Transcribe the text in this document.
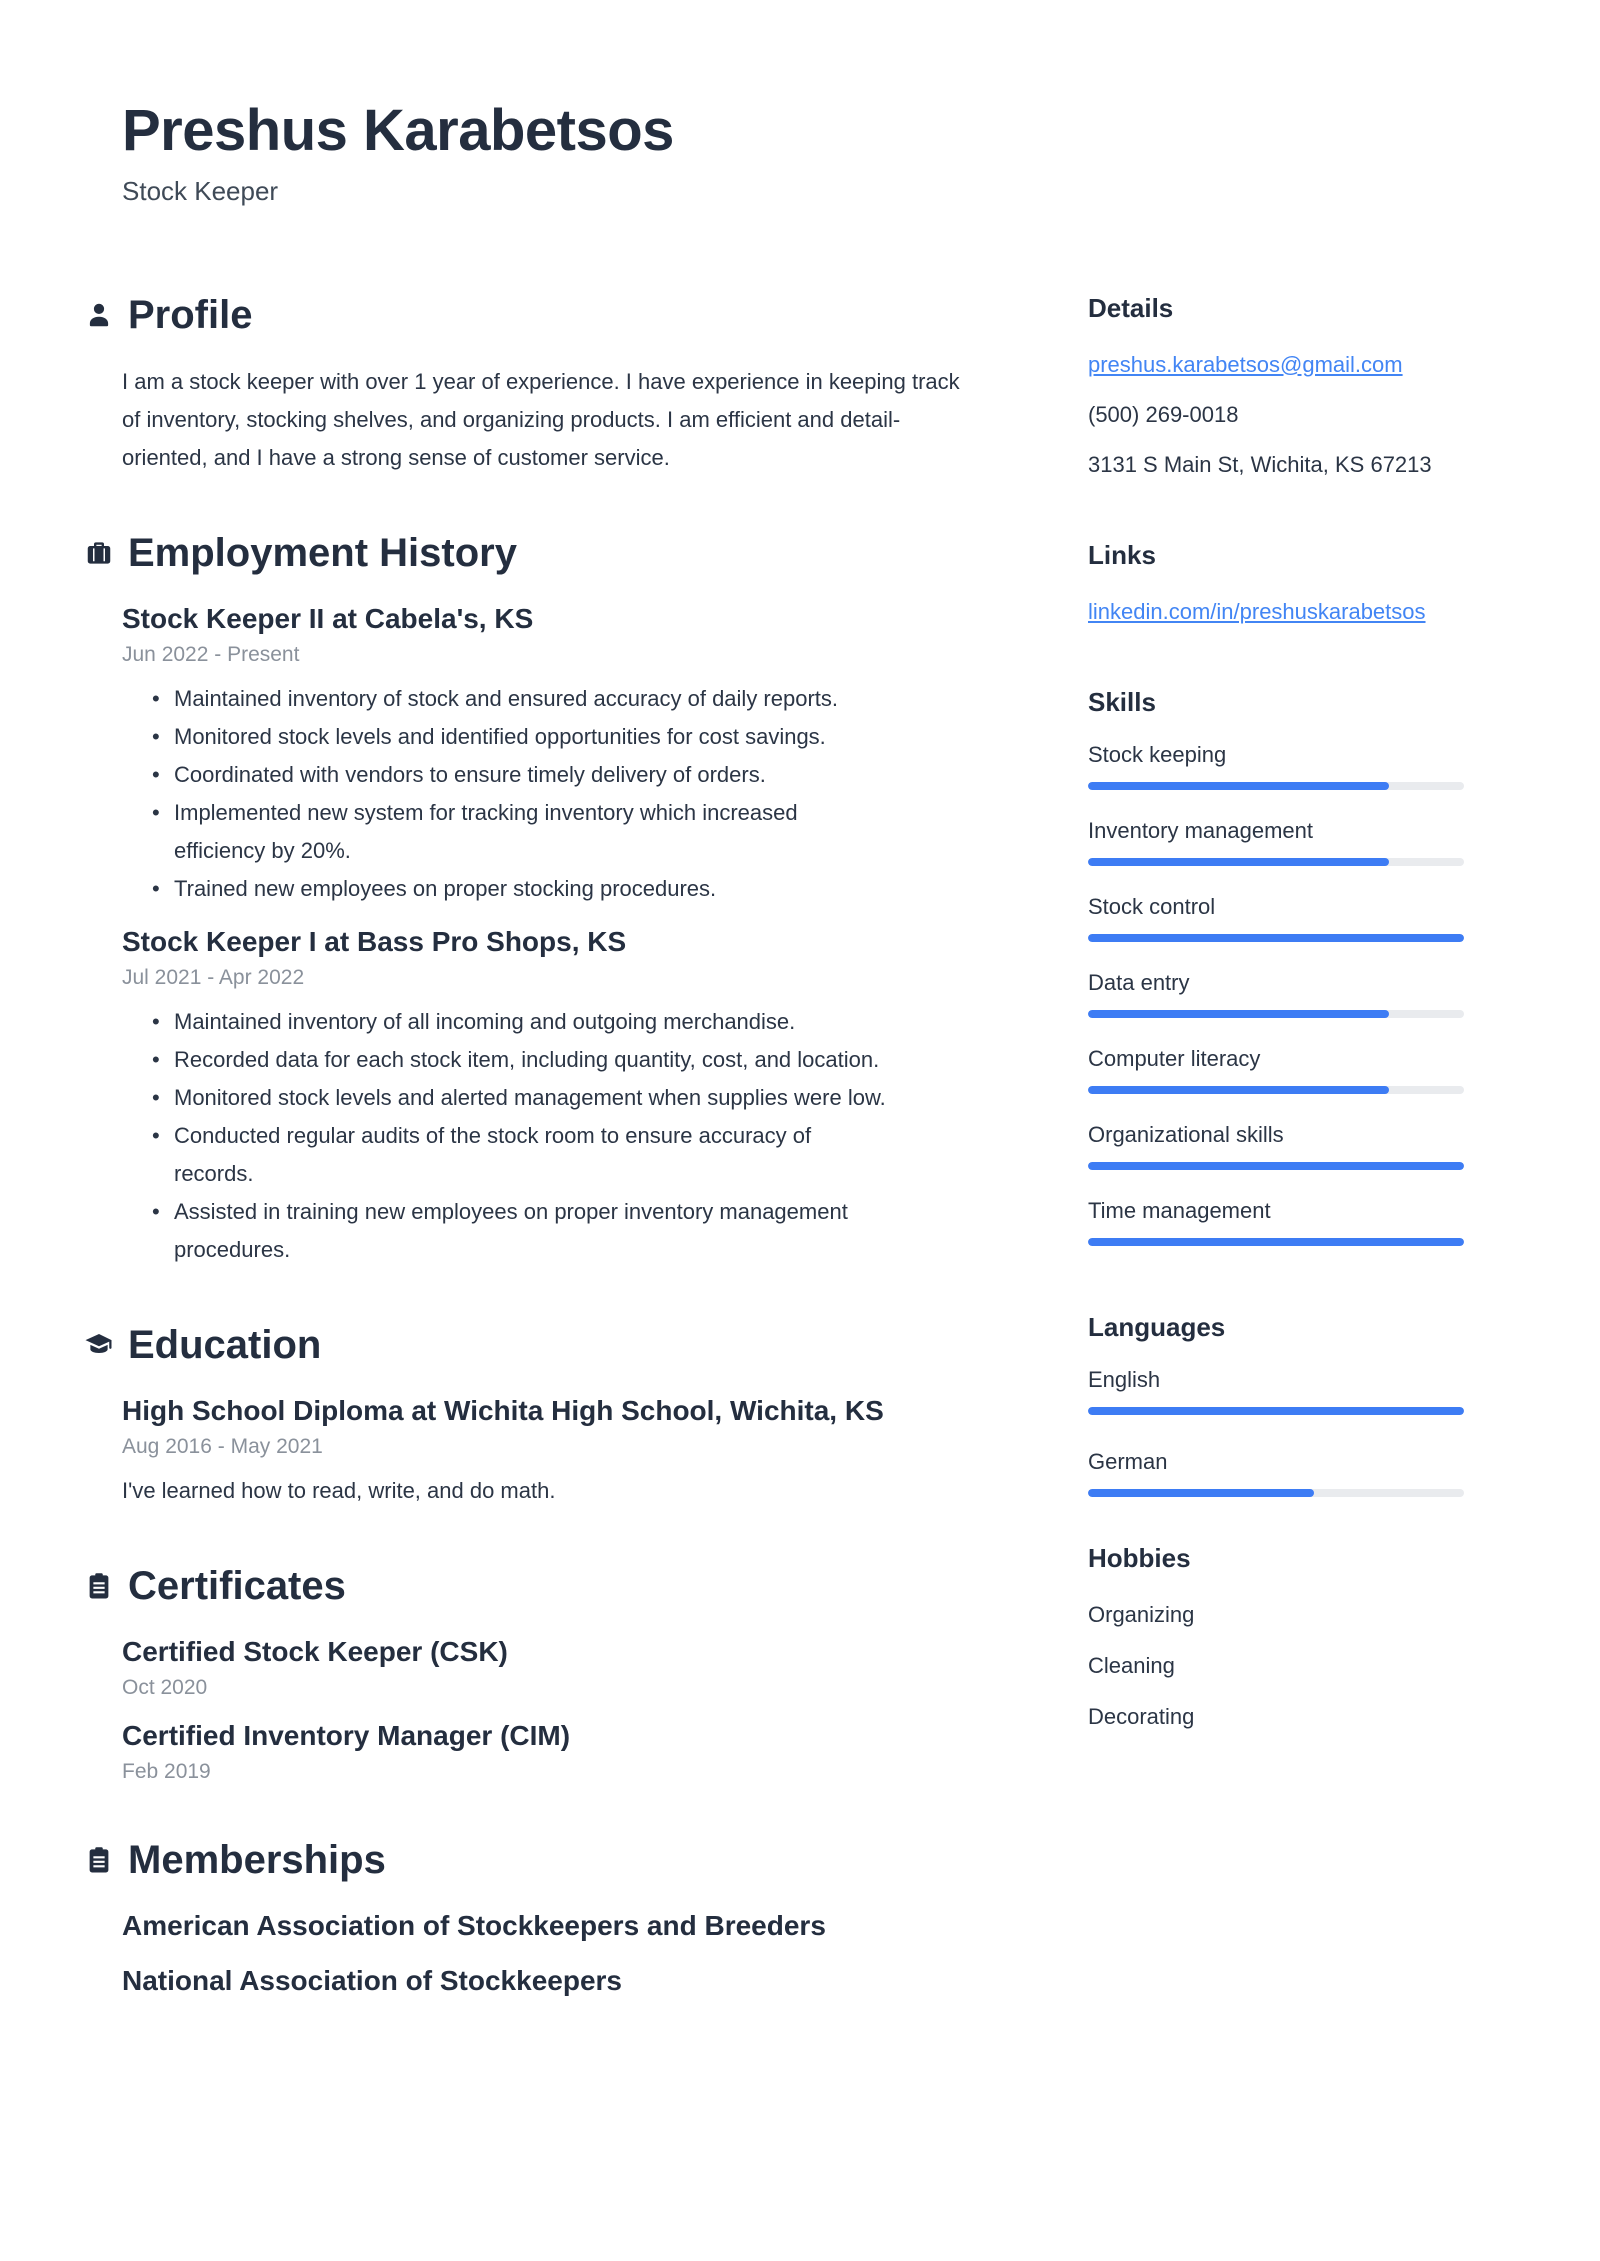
Preshus Karabetsos
Stock Keeper
Profile

I am a stock keeper with over 1 year of experience. I have experience in keeping track of inventory, stocking shelves, and organizing products. I am efficient and detail-oriented, and I have a strong sense of customer service.

Employment History
Stock Keeper II at Cabela's, KS
Jun 2022 - Present
• Maintained inventory of stock and ensured accuracy of daily reports.
• Monitored stock levels and identified opportunities for cost savings.
• Coordinated with vendors to ensure timely delivery of orders.
• Implemented new system for tracking inventory which increased efficiency by 20%.
• Trained new employees on proper stocking procedures.
Stock Keeper I at Bass Pro Shops, KS
Jul 2021 - Apr 2022
• Maintained inventory of all incoming and outgoing merchandise.
• Recorded data for each stock item, including quantity, cost, and location.
• Monitored stock levels and alerted management when supplies were low.
• Conducted regular audits of the stock room to ensure accuracy of records.
• Assisted in training new employees on proper inventory management procedures.
Education
High School Diploma at Wichita High School, Wichita, KS
Aug 2016 - May 2021

I've learned how to read, write, and do math.

Certificates
Certified Stock Keeper (CSK)
Oct 2020
Certified Inventory Manager (CIM)
Feb 2019
Memberships
American Association of Stockkeepers and Breeders
National Association of Stockkeepers
Details
preshus.karabetsos@gmail.com
(500) 269-0018
3131 S Main St, Wichita, KS 67213
Links
linkedin.com/in/preshuskarabetsos
Skills
Stock keeping
Inventory management
Stock control
Data entry
Computer literacy
Organizational skills
Time management
Languages
English
German
Hobbies
Organizing
Cleaning
Decorating
